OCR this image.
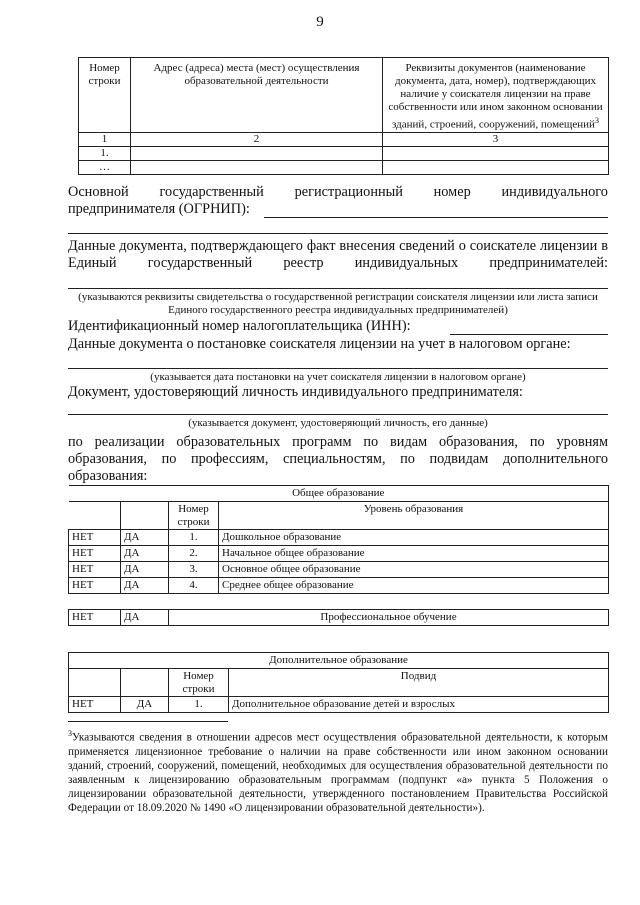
9
Номер строки	Адрес (адреса) места (мест) осуществления образовательной деятельности	Реквизиты документов (наименование документа, дата, номер), подтверждающих наличие у соискателя лицензии на праве собственности или ином законном основании зданий, строений, сооружений, помещений$^3$
1	2	3
1.		
…		
Основной государственный регистрационный номер индивидуального
предпринимателя (ОГРНИП):
Данные документа, подтверждающего факт внесения сведений о соискателе лицензии в Единый государственный реестр индивидуальных предпринимателей:
(указываются реквизиты свидетельства о государственной регистрации соискателя лицензии или листа записи Единого государственного реестра индивидуальных предпринимателей)
Идентификационный номер налогоплательщика (ИНН):
Данные документа о постановке соискателя лицензии на учет в налоговом органе:
(указывается дата постановки на учет соискателя лицензии в налоговом органе)
Документ, удостоверяющий личность индивидуального предпринимателя:
(указывается документ, удостоверяющий личность, его данные)
по реализации образовательных программ по видам образования, по уровням образования, по профессиям, специальностям, по подвидам дополнительного образования:
Общее образование			
		Номер строки	Уровень образования
НЕТ	ДА	1.	Дошкольное образование
НЕТ	ДА	2.	Начальное общее образование
НЕТ	ДА	3.	Основное общее образование
НЕТ	ДА	4.	Среднее общее образование
НЕТ	ДА	Профессиональное обучение
Дополнительное образование			
		Номер строки	Подвид
НЕТ	ДА	1.	Дополнительное образование детей и взрослых
$^3$Указываются сведения в отношении адресов мест осуществления образовательной деятельности, к которым применяется лицензионное требование о наличии на праве собственности или ином законном основании зданий, строений, сооружений, помещений, необходимых для осуществления образовательной деятельности по заявленным к лицензированию образовательным программам (подпункт «а» пункта 5 Положения о лицензировании образовательной деятельности, утвержденного постановлением Правительства Российской Федерации от 18.09.2020 № 1490 «О лицензировании образовательной деятельности»).
